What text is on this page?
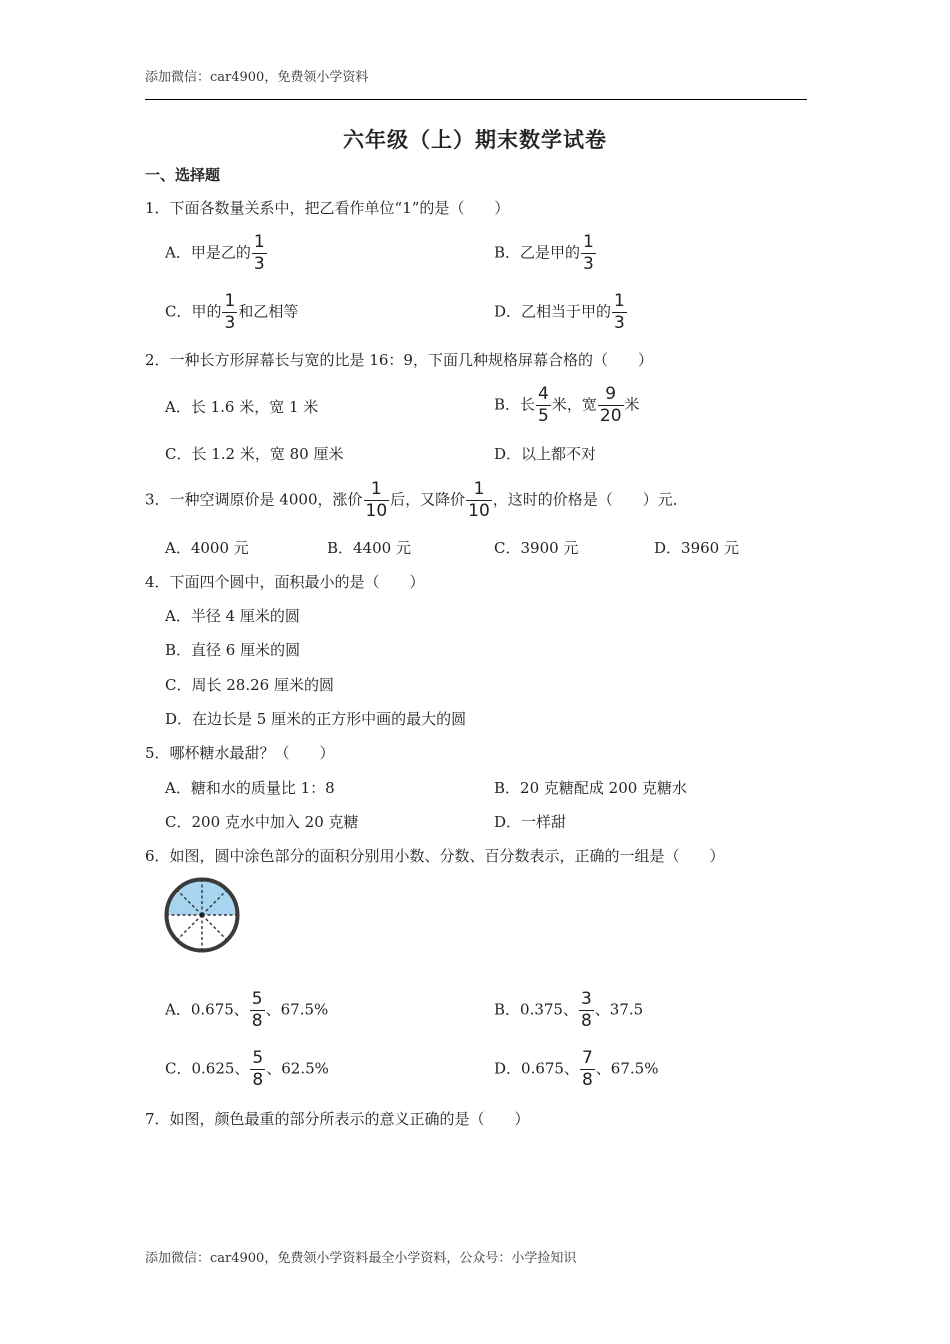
添加微信：car4900，免费领小学资料
六年级（上）期末数学试卷
一、选择题
1．下面各数量关系中，把乙看作单位“1”的是（　　）
A．甲是乙的 $\frac{1}{3}$	B．乙是甲的 $\frac{1}{3}$
C．甲的 $\frac{1}{3}$ 和乙相等	D．乙相当于甲的 $\frac{1}{3}$
2．一种长方形屏幕长与宽的比是 16：9，下面几种规格屏幕合格的（　　）
A．长 1.6 米，宽 1 米	B．长 $\frac{4}{5}$ 米，宽 $\frac{9}{20}$ 米
C．长 1.2 米，宽 80 厘米	D．以上都不对
3．一种空调原价是 4000，涨价 $\frac{1}{10}$ 后，又降价 $\frac{1}{10}$ ，这时的价格是（　　）元．
A．4000 元	B．4400 元	C．3900 元	D．3960 元
4．下面四个圆中，面积最小的是（　　）
A．半径 4 厘米的圆
B．直径 6 厘米的圆
C．周长 28.26 厘米的圆
D．在边长是 5 厘米的正方形中画的最大的圆
5．哪杯糖水最甜？（　　）
A．糖和水的质量比 1：8	B．20 克糖配成 200 克糖水
C．200 克水中加入 20 克糖	D．一样甜
6．如图，圆中涂色部分的面积分别用小数、分数、百分数表示，正确的一组是（　　）
A．0.675、 $\frac{5}{8}$ 、67.5%	B．0.375、 $\frac{3}{8}$ 、37.5
C．0.625、 $\frac{5}{8}$ 、62.5%	D．0.675、 $\frac{7}{8}$ 、67.5%
7．如图，颜色最重的部分所表示的意义正确的是（　　）
添加微信：car4900，免费领小学资料最全小学资料，公众号：小学捡知识
